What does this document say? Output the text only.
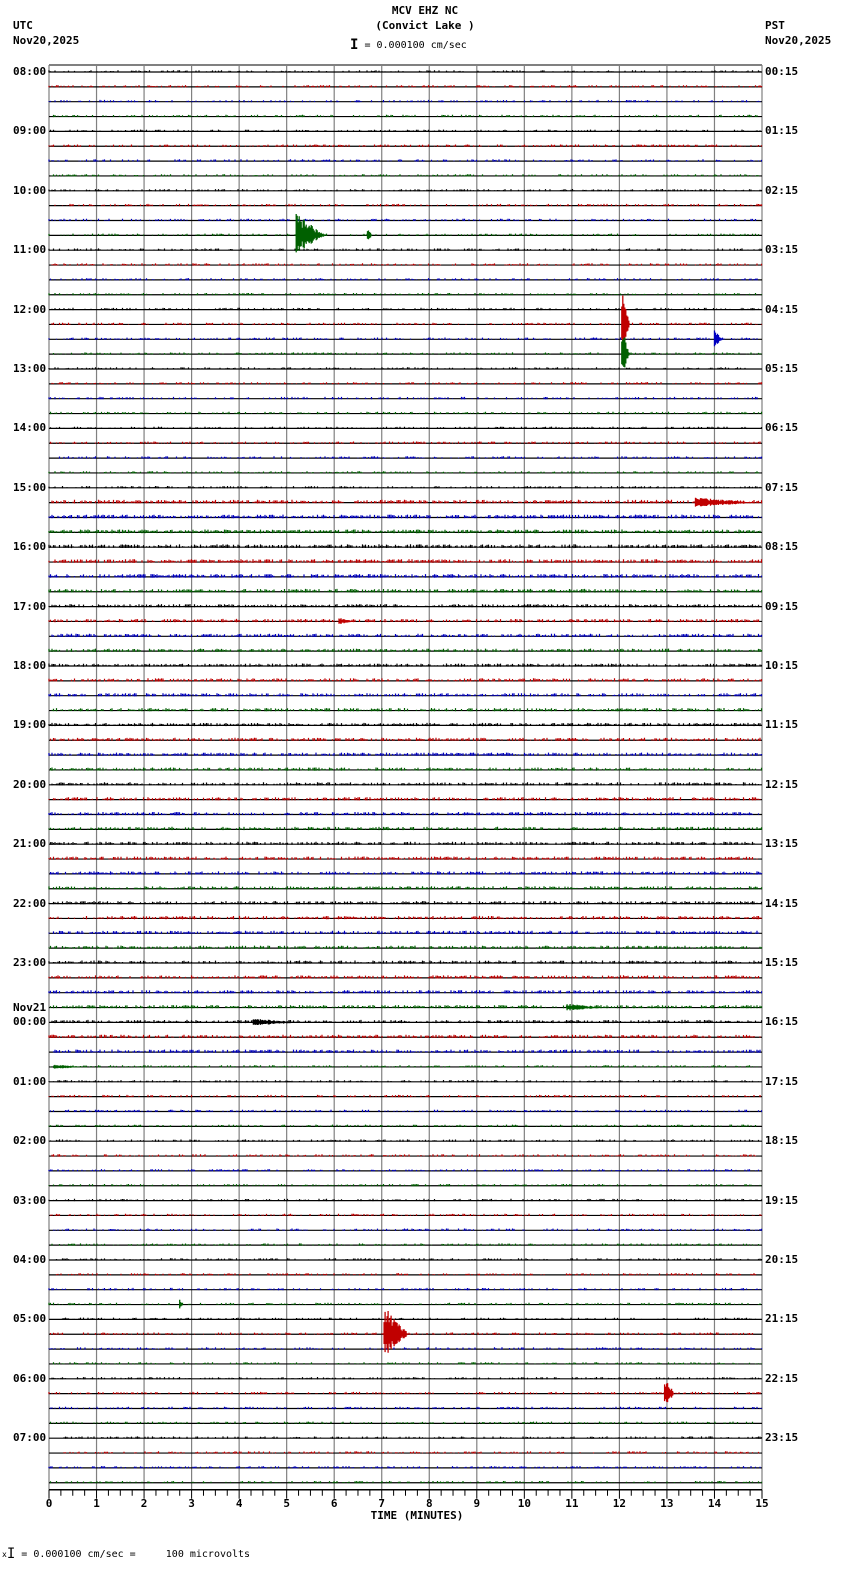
MCV EHZ NC
(Convict Lake )
I = 0.000100 cm/sec
UTC
Nov20,2025
PST
Nov20,2025
0	1	2	3	4	5	6	7	8	9	10	11	12	13	14	15
08:00
09:00
10:00
11:00
12:00
13:00
14:00
15:00
16:00
17:00
18:00
19:00
20:00
21:00
22:00
23:00
Nov21
00:00
01:00
02:00
03:00
04:00
05:00
06:00
07:00
00:15
01:15
02:15
03:15
04:15
05:15
06:15
07:15
08:15
09:15
10:15
11:15
12:15
13:15
14:15
15:15
16:15
17:15
18:15
19:15
20:15
21:15
22:15
23:15
TIME (MINUTES)
xI = 0.000100 cm/sec =     100 microvolts
